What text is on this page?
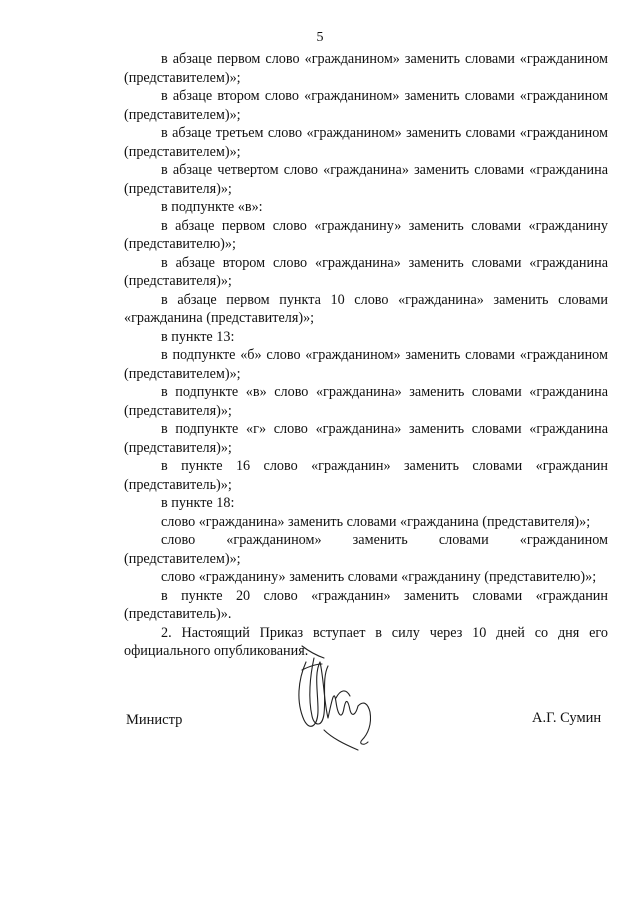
5

в абзаце первом слово «гражданином» заменить словами «гражданином (представителем)»;

в абзаце втором слово «гражданином» заменить словами «гражданином (представителем)»;

в абзаце третьем слово «гражданином» заменить словами «гражданином (представителем)»;

в абзаце четвертом слово «гражданина» заменить словами «гражданина (представителя)»;

в подпункте «в»:

в абзаце первом слово «гражданину» заменить словами «гражданину (представителю)»;

в абзаце втором слово «гражданина» заменить словами «гражданина (представителя)»;

в абзаце первом пункта 10 слово «гражданина» заменить словами «гражданина (представителя)»;

в пункте 13:

в подпункте «б» слово «гражданином» заменить словами «гражданином (представителем)»;

в подпункте «в» слово «гражданина» заменить словами «гражданина (представителя)»;

в подпункте «г» слово «гражданина» заменить словами «гражданина (представителя)»;

в пункте 16 слово «гражданин» заменить словами «гражданин (представитель)»;

в пункте 18:

слово «гражданина» заменить словами «гражданина (представителя)»;

слово «гражданином» заменить словами «гражданином (представителем)»;

слово «гражданину» заменить словами «гражданину (представителю)»;

в пункте 20 слово «гражданин» заменить словами «гражданин (представитель)».

2. Настоящий Приказ вступает в силу через 10 дней со дня его официального опубликования.

Министр	А.Г. Сумин
